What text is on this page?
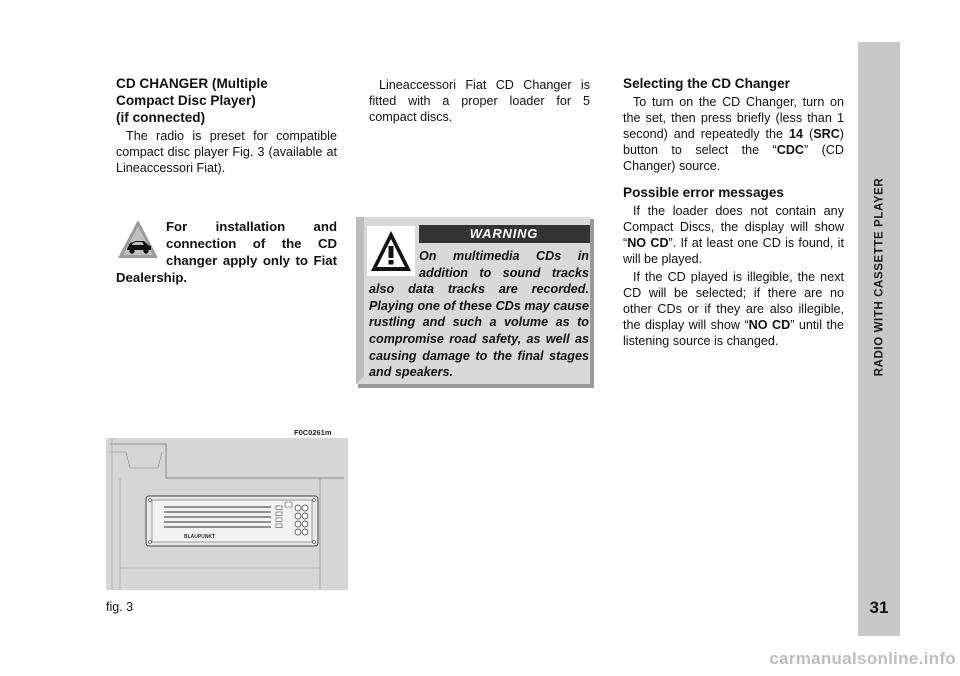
RADIO WITH CASSETTE PLAYER
31

CD CHANGER (Multiple
Compact Disc Player)
(if connected)

The radio is preset for compatible compact disc player Fig. 3 (available at Lineaccessori Fiat).

For installation and connection of the CD changer apply only to Fiat Dealership.
F0C0261m
BLAUPUNKT
fig. 3

Lineaccessori Fiat CD Changer is fitted with a proper loader for 5 compact discs.

WARNING
On multimedia CDs in addition to sound tracks also data tracks are recorded. Playing one of these CDs may cause rustling and such a volume as to compromise road safety, as well as causing damage to the final stages and speakers.

Selecting the CD Changer

To turn on the CD Changer, turn on the set, then press briefly (less than 1 second) and repeatedly the 14 (SRC) button to select the “CDC” (CD Changer) source.

Possible error messages

If the loader does not contain any Compact Discs, the display will show “NO CD”. If at least one CD is found, it will be played.

If the CD played is illegible, the next CD will be selected; if there are no other CDs or if they are also illegible, the display will show “NO CD” until the listening source is changed.

carmanualsonline.info
